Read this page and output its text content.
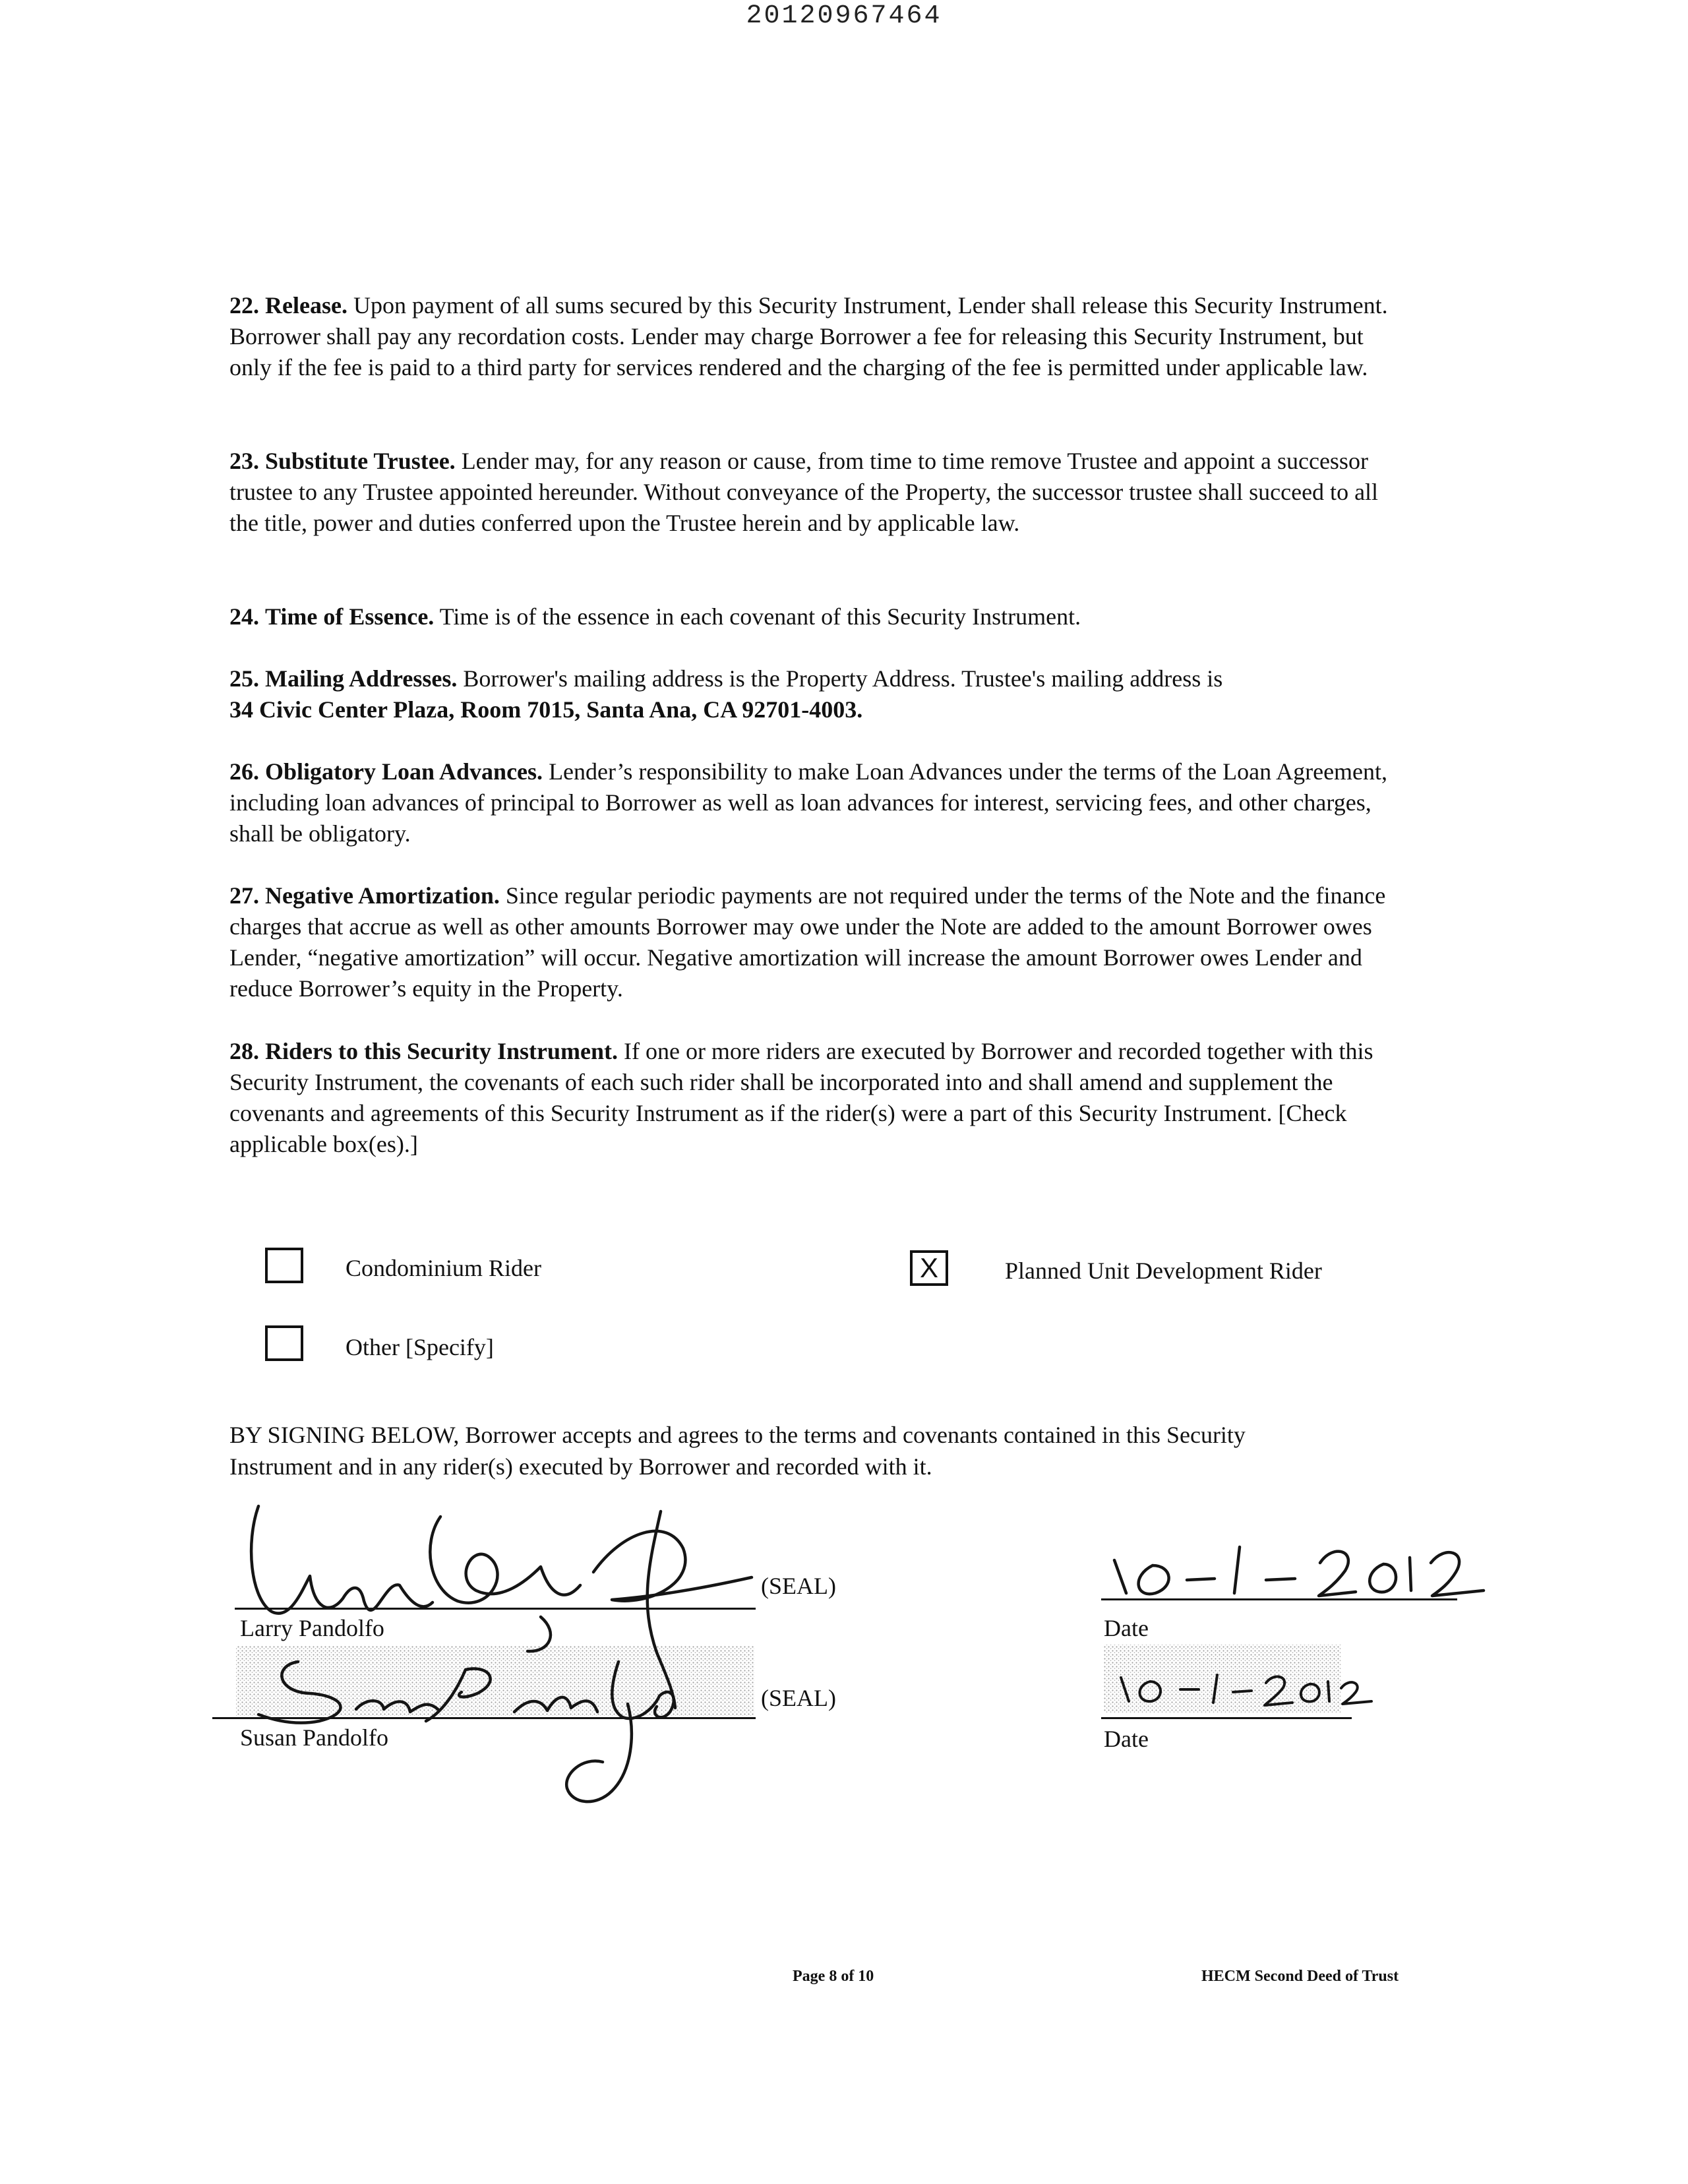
20120967464

22. Release. Upon payment of all sums secured by this Security Instrument, Lender shall release this Security Instrument. Borrower shall pay any recordation costs. Lender may charge Borrower a fee for releasing this Security Instrument, but only if the fee is paid to a third party for services rendered and the charging of the fee is permitted under applicable law.

23. Substitute Trustee. Lender may, for any reason or cause, from time to time remove Trustee and appoint a successor trustee to any Trustee appointed hereunder. Without conveyance of the Property, the successor trustee shall succeed to all the title, power and duties conferred upon the Trustee herein and by applicable law.

24. Time of Essence. Time is of the essence in each covenant of this Security Instrument.

25. Mailing Addresses. Borrower's mailing address is the Property Address. Trustee's mailing address is
34 Civic Center Plaza, Room 7015, Santa Ana, CA 92701-4003.

26. Obligatory Loan Advances. Lender’s responsibility to make Loan Advances under the terms of the Loan Agreement, including loan advances of principal to Borrower as well as loan advances for interest, servicing fees, and other charges, shall be obligatory.

27. Negative Amortization. Since regular periodic payments are not required under the terms of the Note and the finance charges that accrue as well as other amounts Borrower may owe under the Note are added to the amount Borrower owes Lender, “negative amortization” will occur. Negative amortization will increase the amount Borrower owes Lender and reduce Borrower’s equity in the Property.

28. Riders to this Security Instrument. If one or more riders are executed by Borrower and recorded together with this Security Instrument, the covenants of each such rider shall be incorporated into and shall amend and supplement the covenants and agreements of this Security Instrument as if the rider(s) were a part of this Security Instrument. [Check applicable box(es).]

Condominium Rider	X	Planned Unit Development Rider
Other [Specify]
BY SIGNING BELOW, Borrower accepts and agrees to the terms and covenants contained in this Security Instrument and in any rider(s) executed by Borrower and recorded with it.
(SEAL)
Larry Pandolfo	Date
(SEAL)
Susan Pandolfo	Date
Page 8 of 10	HECM Second Deed of Trust
